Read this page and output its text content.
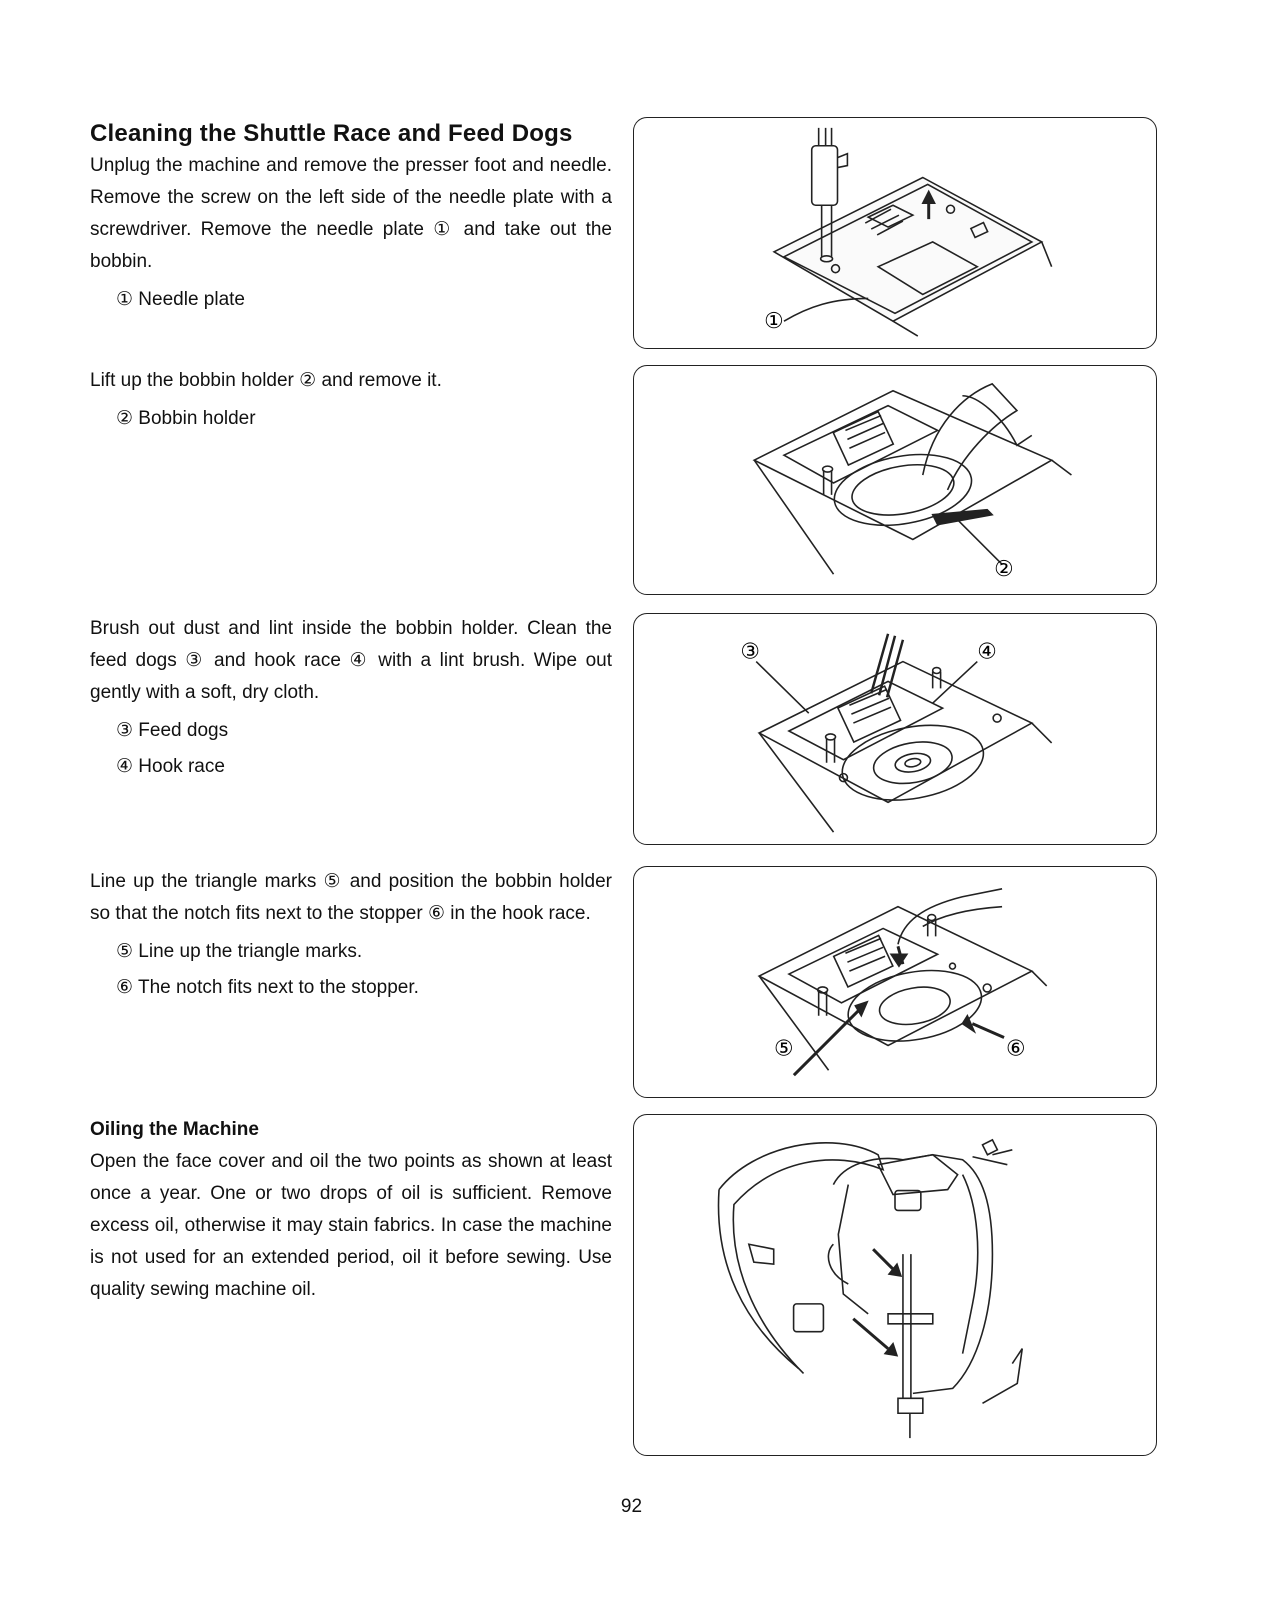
Cleaning the Shuttle Race and Feed Dogs

Unplug the machine and remove the presser foot and needle. Remove the screw on the left side of the needle plate with a screwdriver. Remove the needle plate ① and take out the bobbin.

① Needle plate
①

Lift up the bobbin holder ② and remove it.

② Bobbin holder
②

Brush out dust and lint inside the bobbin holder. Clean the feed dogs ③ and hook race ④ with a lint brush. Wipe out gently with a soft, dry cloth.

③ Feed dogs
④ Hook race
③	④

Line up the triangle marks ⑤ and position the bobbin holder so that the notch fits next to the stopper ⑥ in the hook race.

⑤ Line up the triangle marks.
⑥ The notch fits next to the stopper.
⑤	⑥
Oiling the Machine

Open the face cover and oil the two points as shown at least once a year. One or two drops of oil is sufficient. Remove excess oil, otherwise it may stain fabrics. In case the machine is not used for an extended period, oil it before sewing. Use quality sewing machine oil.

92
